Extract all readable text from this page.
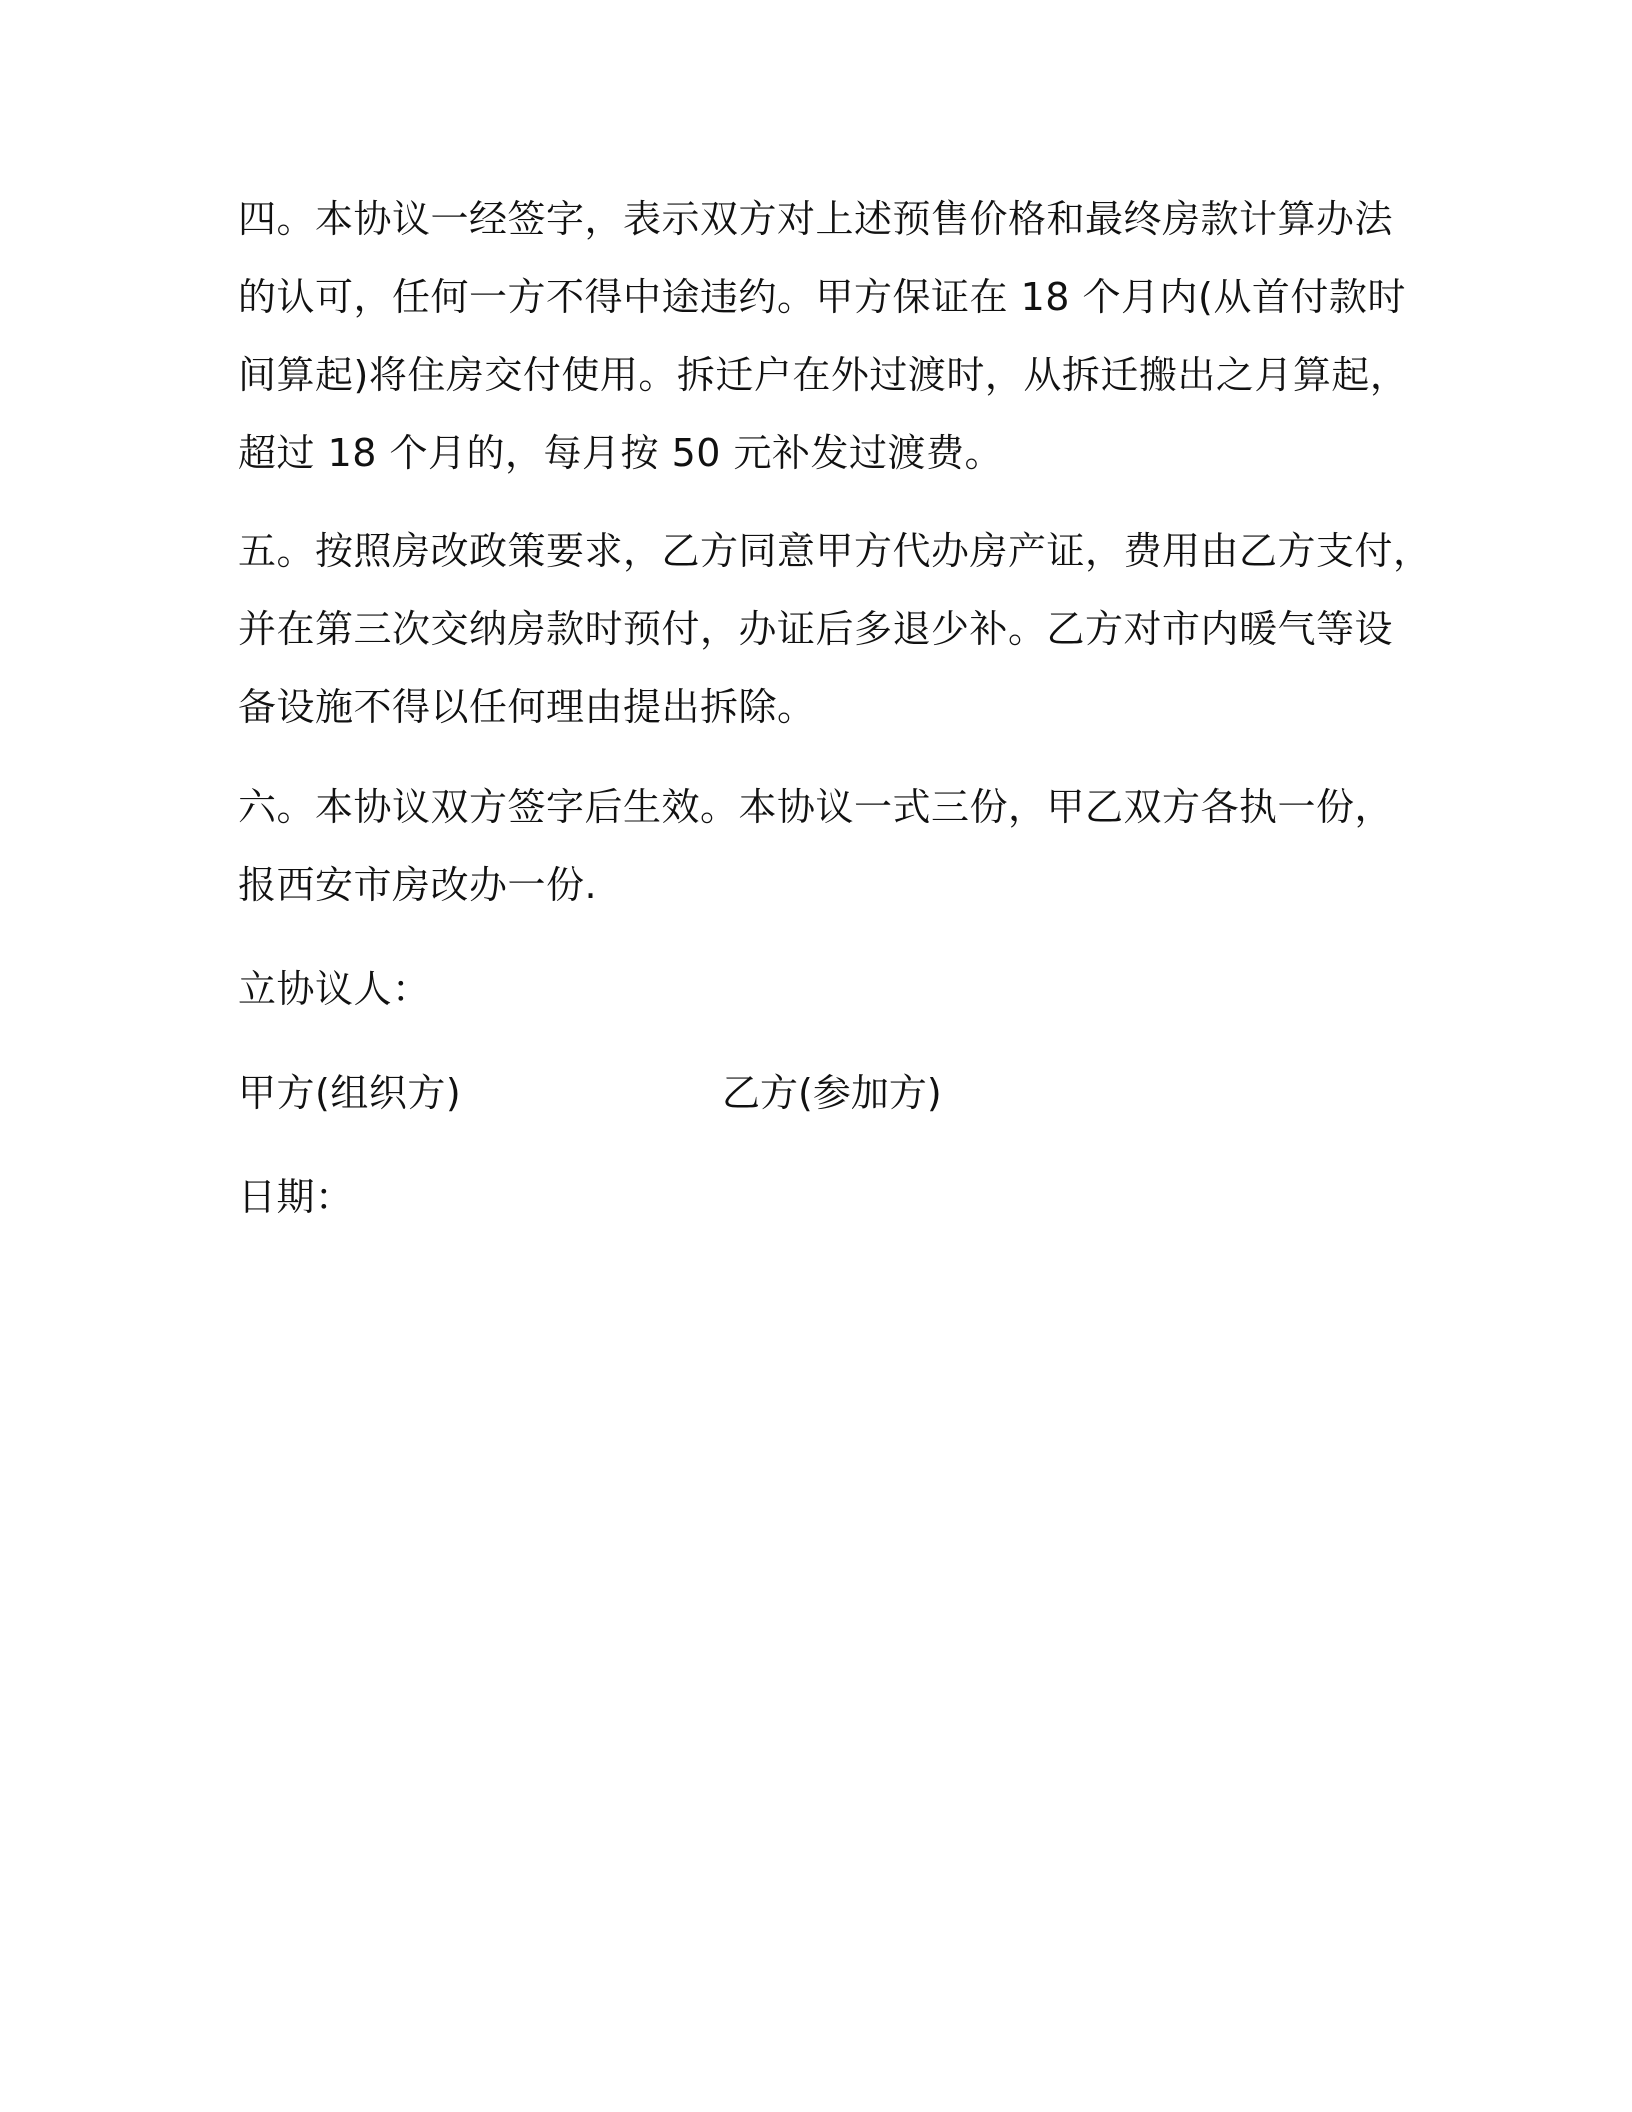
四。本协议一经签字，表示双方对上述预售价格和最终房款计算办法
的认可，任何一方不得中途违约。甲方保证在 18 个月内(从首付款时
间算起)将住房交付使用。拆迁户在外过渡时，从拆迁搬出之月算起，
超过 18 个月的，每月按 50 元补发过渡费。
五。按照房改政策要求，乙方同意甲方代办房产证，费用由乙方支付，
并在第三次交纳房款时预付，办证后多退少补。乙方对市内暖气等设
备设施不得以任何理由提出拆除。
六。本协议双方签字后生效。本协议一式三份，甲乙双方各执一份，
报西安市房改办一份.
立协议人：
甲方(组织方)	乙方(参加方)
日期：
